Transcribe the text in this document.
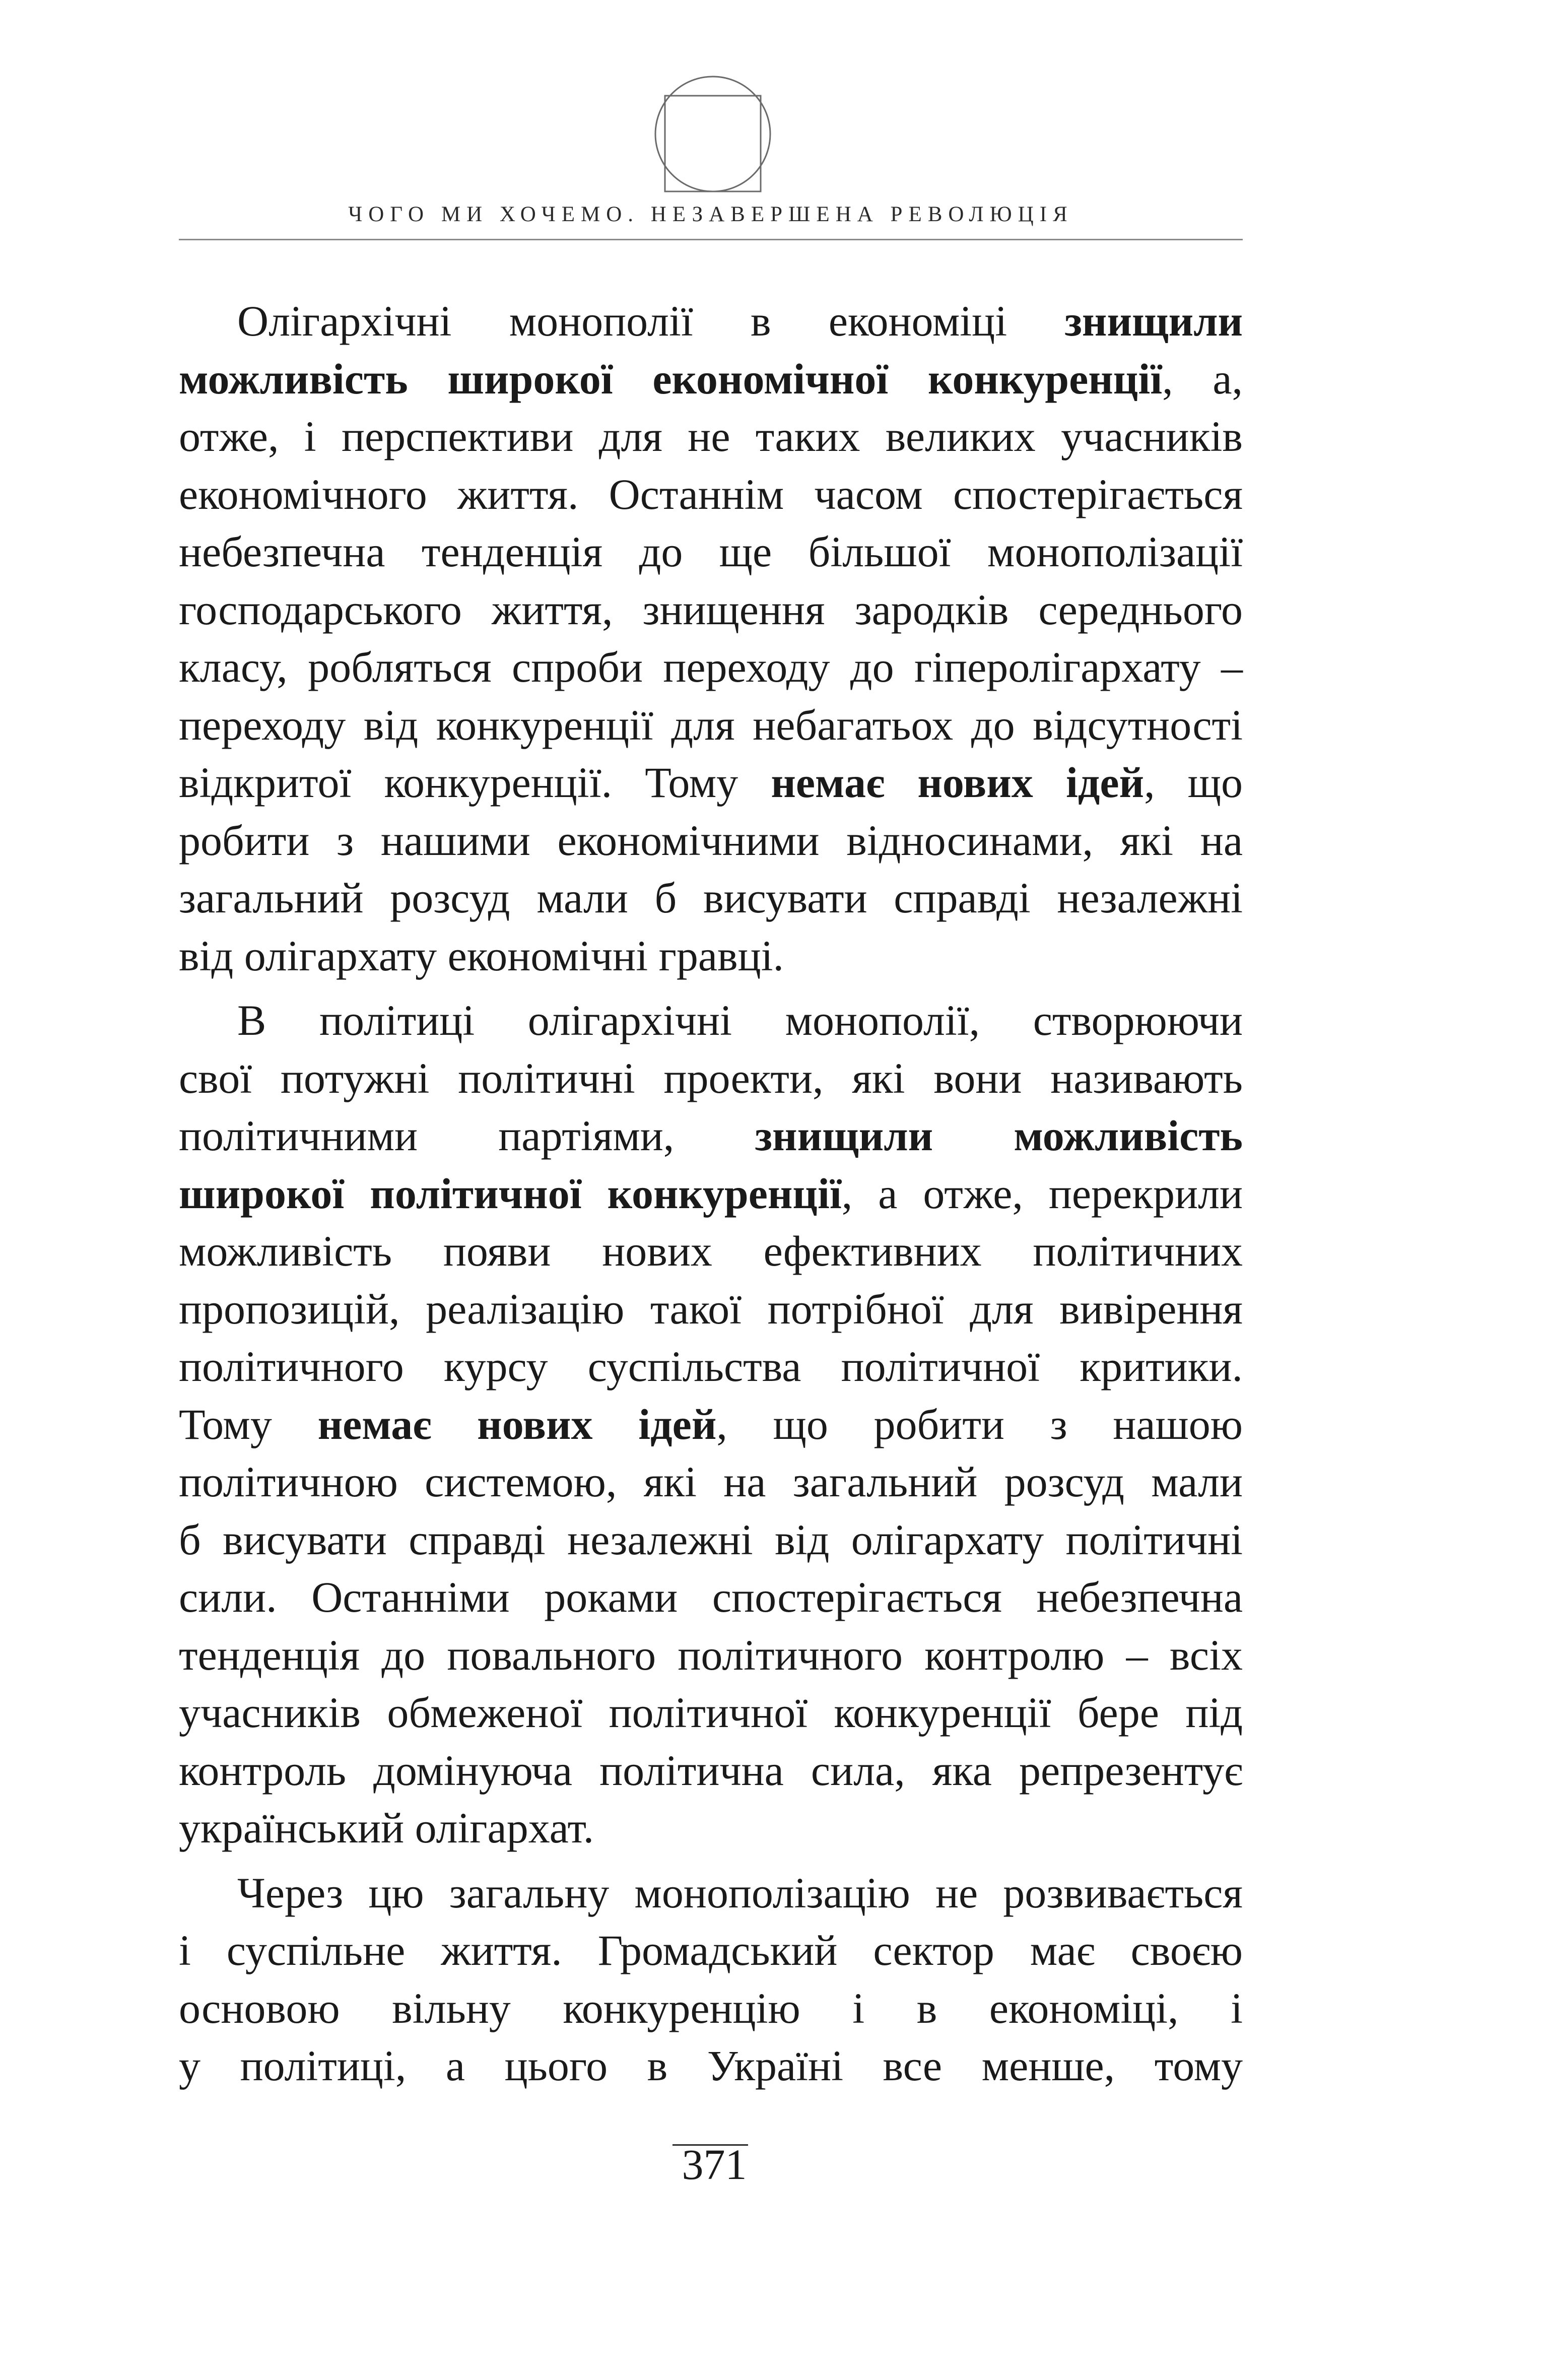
ЧОГО МИ ХОЧЕМО. НЕЗАВЕРШЕНА РЕВОЛЮЦІЯ
Олігархічні монополії в економіці знищили
можливість широкої економічної конкуренції, а,
отже, і перспективи для не таких великих учасників
економічного життя. Останнім часом спостерігається
небезпечна тенденція до ще більшої монополізації
господарського життя, знищення зародків середнього
класу, робляться спроби переходу до гіперолігархату –
переходу від конкуренції для небагатьох до відсутності
відкритої конкуренції. Тому немає нових ідей, що
робити з нашими економічними відносинами, які на
загальний розсуд мали б висувати справді незалежні
від олігархату економічні гравці.
В політиці олігархічні монополії, створюючи
свої потужні політичні проекти, які вони називають
політичними партіями, знищили можливість
широкої політичної конкуренції, а отже, перекрили
можливість появи нових ефективних політичних
пропозицій, реалізацію такої потрібної для вивірення
політичного курсу суспільства політичної критики.
Тому немає нових ідей, що робити з нашою
політичною системою, які на загальний розсуд мали
б висувати справді незалежні від олігархату політичні
сили. Останніми роками спостерігається небезпечна
тенденція до повального політичного контролю – всіх
учасників обмеженої політичної конкуренції бере під
контроль домінуюча політична сила, яка репрезентує
український олігархат.
Через цю загальну монополізацію не розвивається
і суспільне життя. Громадський сектор має своєю
основою вільну конкуренцію і в економіці, і
у політиці, а цього в Україні все менше, тому
371
